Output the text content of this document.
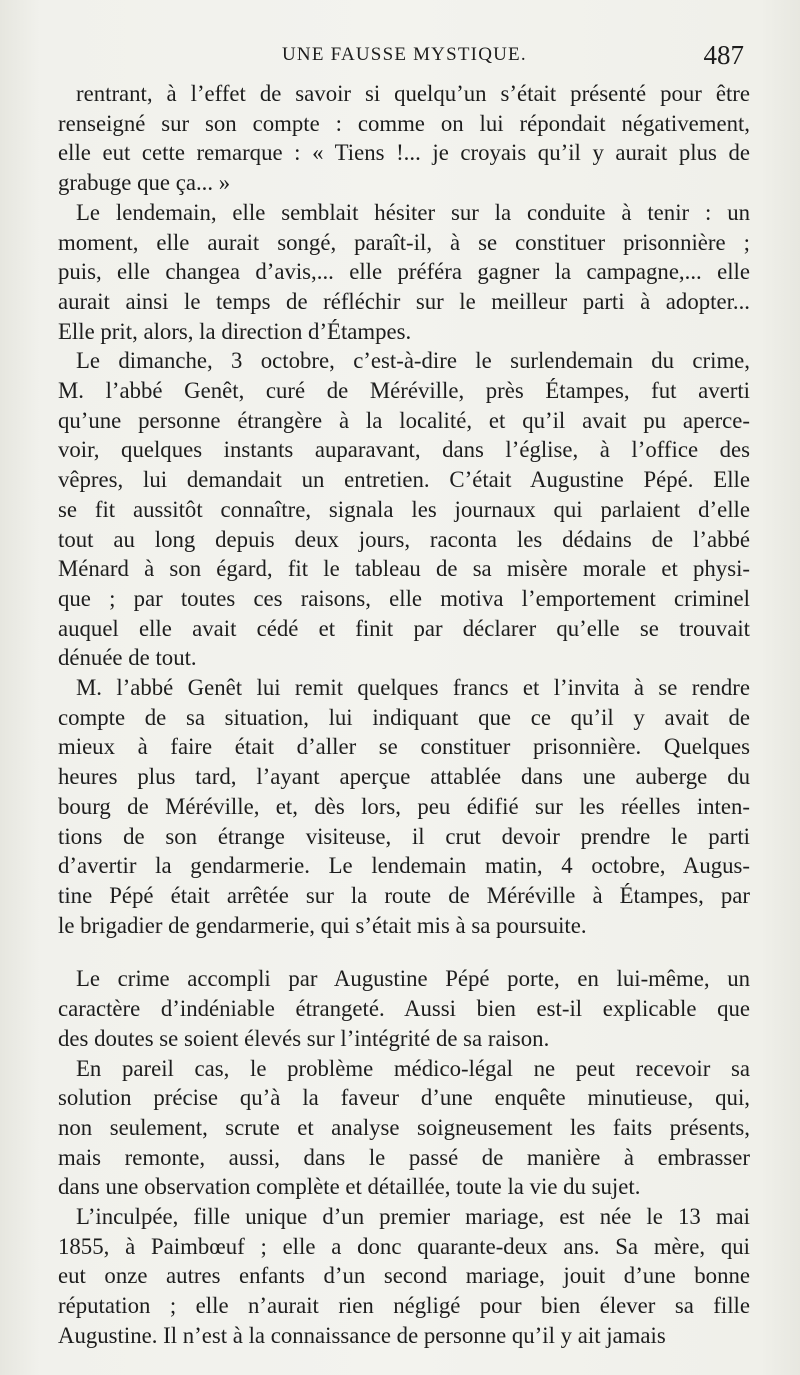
UNE FAUSSE MYSTIQUE.	487

rentrant, à l’effet de savoir si quelqu’un s’était présenté pour être
renseigné sur son compte : comme on lui répondait négativement,
elle eut cette remarque : « Tiens !... je croyais qu’il y aurait plus de
grabuge que ça... »

Le lendemain, elle semblait hésiter sur la conduite à tenir : un
moment, elle aurait songé, paraît-il, à se constituer prisonnière ;
puis, elle changea d’avis,... elle préféra gagner la campagne,... elle
aurait ainsi le temps de réfléchir sur le meilleur parti à adopter...
Elle prit, alors, la direction d’Étampes.

Le dimanche, 3 octobre, c’est-à-dire le surlendemain du crime,
M. l’abbé Genêt, curé de Méréville, près Étampes, fut averti
qu’une personne étrangère à la localité, et qu’il avait pu aperce-
voir, quelques instants auparavant, dans l’église, à l’office des
vêpres, lui demandait un entretien. C’était Augustine Pépé. Elle
se fit aussitôt connaître, signala les journaux qui parlaient d’elle
tout au long depuis deux jours, raconta les dédains de l’abbé
Ménard à son égard, fit le tableau de sa misère morale et physi-
que ; par toutes ces raisons, elle motiva l’emportement criminel
auquel elle avait cédé et finit par déclarer qu’elle se trouvait
dénuée de tout.

M. l’abbé Genêt lui remit quelques francs et l’invita à se rendre
compte de sa situation, lui indiquant que ce qu’il y avait de
mieux à faire était d’aller se constituer prisonnière. Quelques
heures plus tard, l’ayant aperçue attablée dans une auberge du
bourg de Méréville, et, dès lors, peu édifié sur les réelles inten-
tions de son étrange visiteuse, il crut devoir prendre le parti
d’avertir la gendarmerie. Le lendemain matin, 4 octobre, Augus-
tine Pépé était arrêtée sur la route de Méréville à Étampes, par
le brigadier de gendarmerie, qui s’était mis à sa poursuite.

Le crime accompli par Augustine Pépé porte, en lui-même, un
caractère d’indéniable étrangeté. Aussi bien est-il explicable que
des doutes se soient élevés sur l’intégrité de sa raison.

En pareil cas, le problème médico-légal ne peut recevoir sa
solution précise qu’à la faveur d’une enquête minutieuse, qui,
non seulement, scrute et analyse soigneusement les faits présents,
mais remonte, aussi, dans le passé de manière à embrasser
dans une observation complète et détaillée, toute la vie du sujet.

L’inculpée, fille unique d’un premier mariage, est née le 13 mai
1855, à Paimbœuf ; elle a donc quarante-deux ans. Sa mère, qui
eut onze autres enfants d’un second mariage, jouit d’une bonne
réputation ; elle n’aurait rien négligé pour bien élever sa fille
Augustine. Il n’est à la connaissance de personne qu’il y ait jamais
